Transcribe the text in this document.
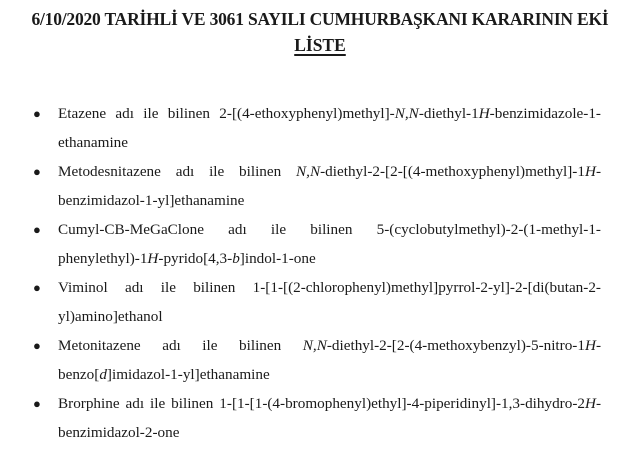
6/10/2020 TARİHLİ VE 3061 SAYILI CUMHURBAŞKANI KARARININ EKİ
LİSTE
● Etazene adı ile bilinen 2-[(4-ethoxyphenyl)methyl]-N,N-diethyl-1H-benzimidazole-1-ethanamine
● Metodesnitazene adı ile bilinen N,N-diethyl-2-[2-[(4-methoxyphenyl)methyl]-1H-benzimidazol-1-yl]ethanamine
● Cumyl-CB-MeGaClone adı ile bilinen 5-(cyclobutylmethyl)-2-(1-methyl-1-phenylethyl)-1H-pyrido[4,3-b]indol-1-one
● Viminol adı ile bilinen 1-[1-[(2-chlorophenyl)methyl]pyrrol-2-yl]-2-[di(butan-2-yl)amino]ethanol
● Metonitazene adı ile bilinen N,N-diethyl-2-[2-(4-methoxybenzyl)-5-nitro-1H-benzo[d]imidazol-1-yl]ethanamine
● Brorphine adı ile bilinen 1-[1-[1-(4-bromophenyl)ethyl]-4-piperidinyl]-1,3-dihydro-2H-benzimidazol-2-one
